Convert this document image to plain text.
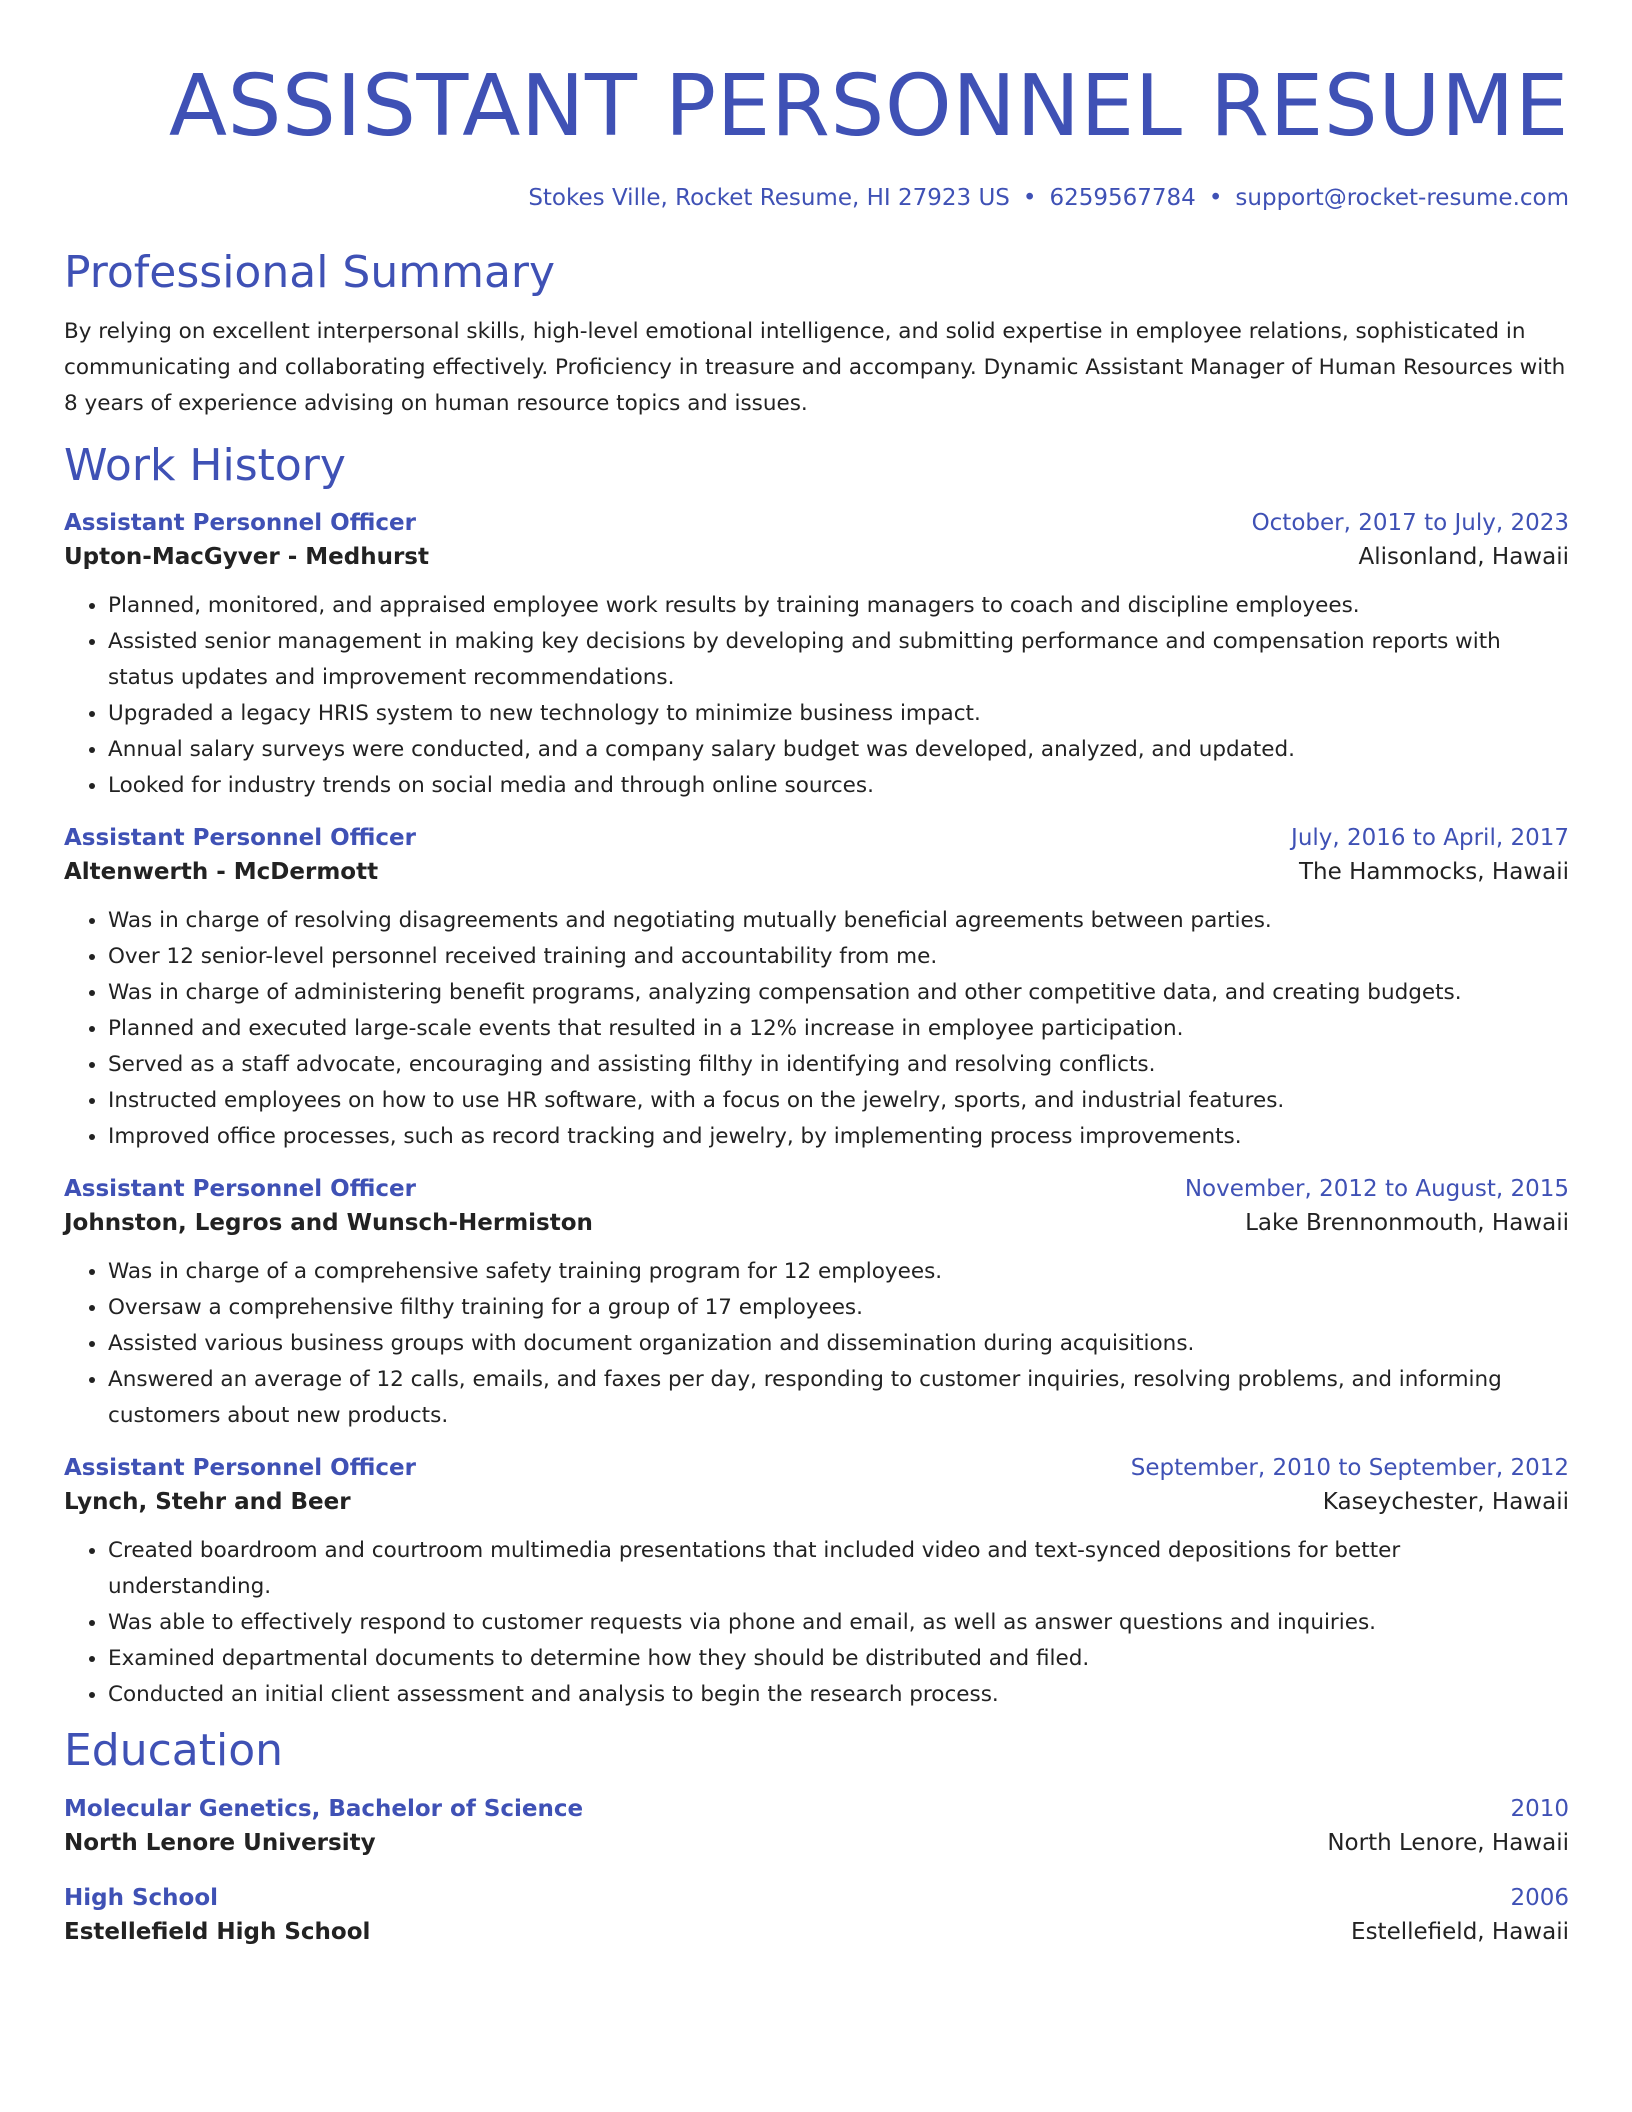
ASSISTANT PERSONNEL RESUME
Stokes Ville, Rocket Resume, HI 27923 US • 6259567784 • support@rocket-resume.com
Professional Summary
By relying on excellent interpersonal skills, high-level emotional intelligence, and solid expertise in employee relations, sophisticated in communicating and collaborating effectively. Proficiency in treasure and accompany. Dynamic Assistant Manager of Human Resources with 8 years of experience advising on human resource topics and issues.
Work History
Assistant Personnel Officer	October, 2017 to July, 2023
Upton-MacGyver - Medhurst	Alisonland, Hawaii
• Planned, monitored, and appraised employee work results by training managers to coach and discipline employees.
• Assisted senior management in making key decisions by developing and submitting performance and compensation reports with status updates and improvement recommendations.
• Upgraded a legacy HRIS system to new technology to minimize business impact.
• Annual salary surveys were conducted, and a company salary budget was developed, analyzed, and updated.
• Looked for industry trends on social media and through online sources.
Assistant Personnel Officer	July, 2016 to April, 2017
Altenwerth - McDermott	The Hammocks, Hawaii
• Was in charge of resolving disagreements and negotiating mutually beneficial agreements between parties.
• Over 12 senior-level personnel received training and accountability from me.
• Was in charge of administering benefit programs, analyzing compensation and other competitive data, and creating budgets.
• Planned and executed large-scale events that resulted in a 12% increase in employee participation.
• Served as a staff advocate, encouraging and assisting filthy in identifying and resolving conflicts.
• Instructed employees on how to use HR software, with a focus on the jewelry, sports, and industrial features.
• Improved office processes, such as record tracking and jewelry, by implementing process improvements.
Assistant Personnel Officer	November, 2012 to August, 2015
Johnston, Legros and Wunsch-Hermiston	Lake Brennonmouth, Hawaii
• Was in charge of a comprehensive safety training program for 12 employees.
• Oversaw a comprehensive filthy training for a group of 17 employees.
• Assisted various business groups with document organization and dissemination during acquisitions.
• Answered an average of 12 calls, emails, and faxes per day, responding to customer inquiries, resolving problems, and informing customers about new products.
Assistant Personnel Officer	September, 2010 to September, 2012
Lynch, Stehr and Beer	Kaseychester, Hawaii
• Created boardroom and courtroom multimedia presentations that included video and text-synced depositions for better understanding.
• Was able to effectively respond to customer requests via phone and email, as well as answer questions and inquiries.
• Examined departmental documents to determine how they should be distributed and filed.
• Conducted an initial client assessment and analysis to begin the research process.
Education
Molecular Genetics, Bachelor of Science	2010
North Lenore University	North Lenore, Hawaii
High School	2006
Estellefield High School	Estellefield, Hawaii
